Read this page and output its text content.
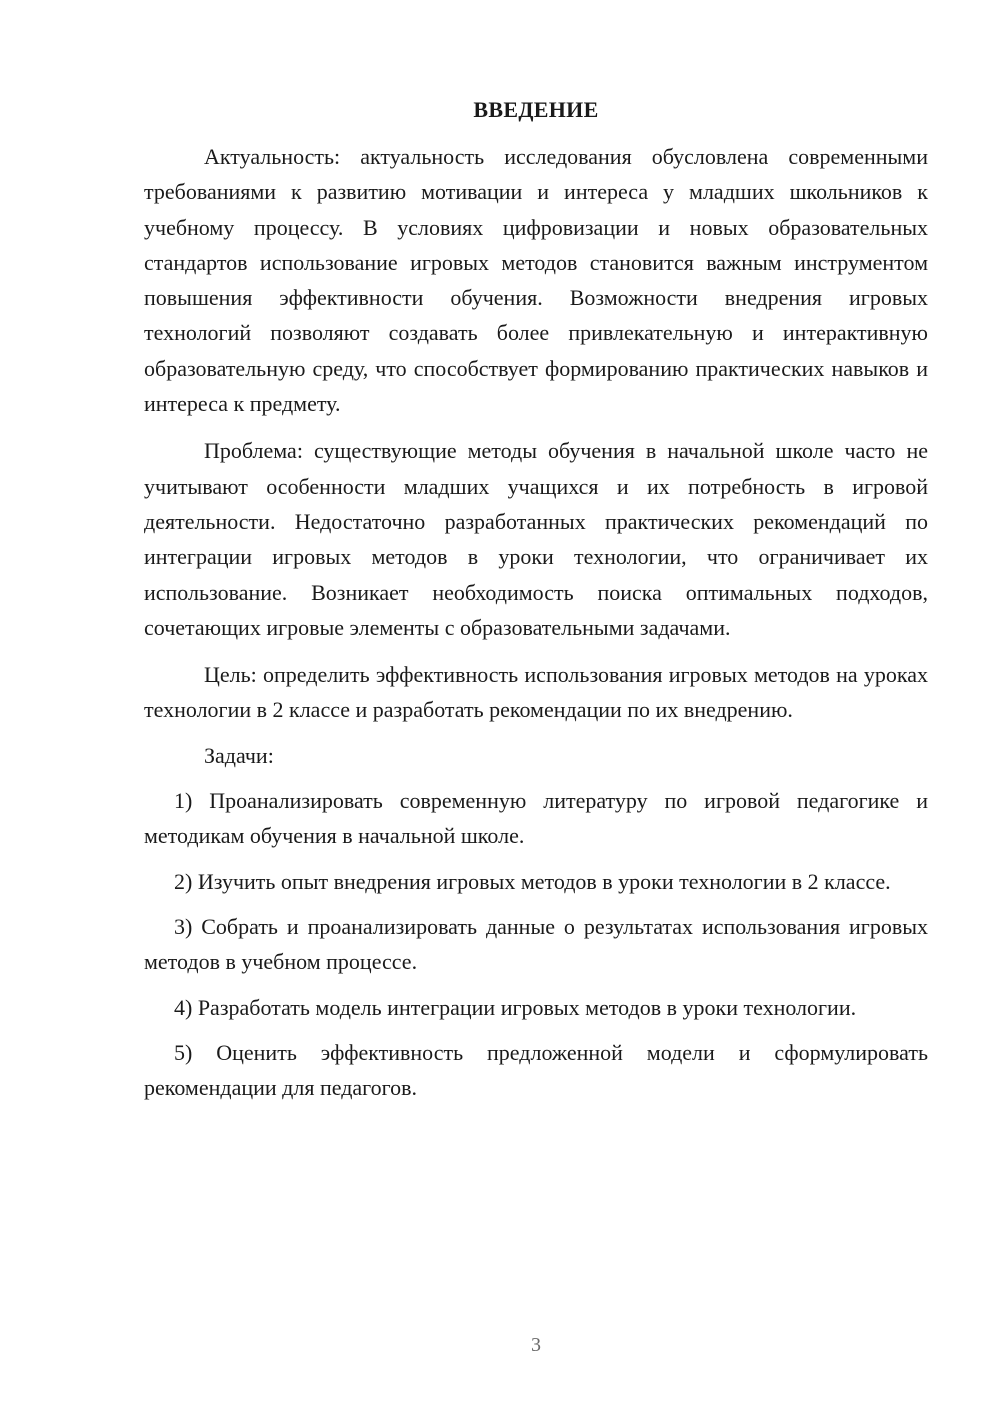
ВВЕДЕНИЕ

Актуальность: актуальность исследования обусловлена современными требованиями к развитию мотивации и интереса у младших школьников к учебному процессу. В условиях цифровизации и новых образовательных стандартов использование игровых методов становится важным инструментом повышения эффективности обучения. Возможности внедрения игровых технологий позволяют создавать более привлекательную и интерактивную образовательную среду, что способствует формированию практических навыков и интереса к предмету.

Проблема: существующие методы обучения в начальной школе часто не учитывают особенности младших учащихся и их потребность в игровой деятельности. Недостаточно разработанных практических рекомендаций по интеграции игровых методов в уроки технологии, что ограничивает их использование. Возникает необходимость поиска оптимальных подходов, сочетающих игровые элементы с образовательными задачами.

Цель: определить эффективность использования игровых методов на уроках технологии в 2 классе и разработать рекомендации по их внедрению.

Задачи:

1) Проанализировать современную литературу по игровой педагогике и методикам обучения в начальной школе.

2) Изучить опыт внедрения игровых методов в уроки технологии в 2 классе.

3) Собрать и проанализировать данные о результатах использования игровых методов в учебном процессе.

4) Разработать модель интеграции игровых методов в уроки технологии.

5) Оценить эффективность предложенной модели и сформулировать рекомендации для педагогов.

3
